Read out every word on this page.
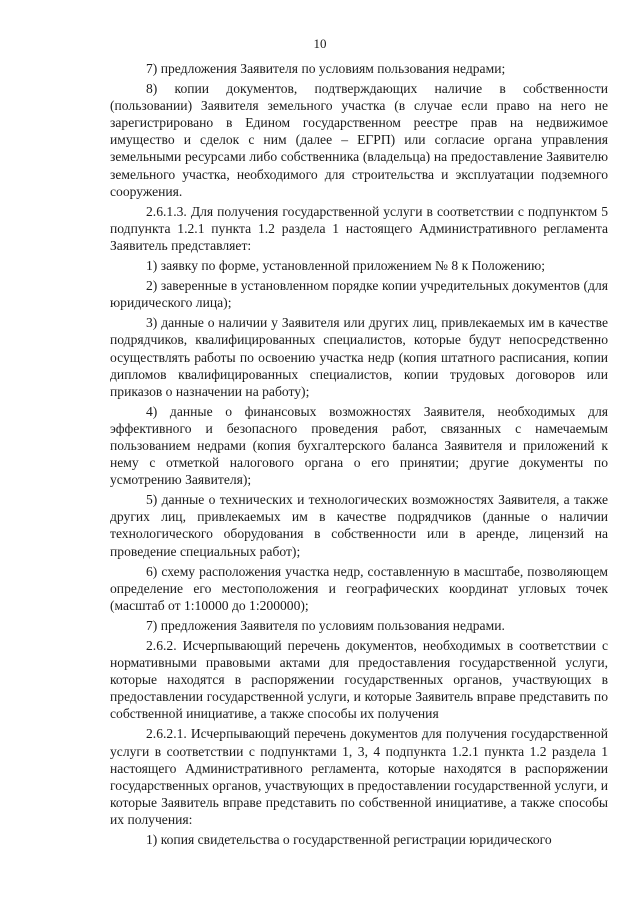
10

7) предложения Заявителя по условиям пользования недрами;

8) копии документов, подтверждающих наличие в собственности (пользовании) Заявителя земельного участка (в случае если право на него не зарегистрировано в Едином государственном реестре прав на недвижимое имущество и сделок с ним (далее – ЕГРП) или согласие органа управления земельными ресурсами либо собственника (владельца) на предоставление Заявителю земельного участка, необходимого для строительства и эксплуатации подземного сооружения.

2.6.1.3. Для получения государственной услуги в соответствии с подпунктом 5 подпункта 1.2.1 пункта 1.2 раздела 1 настоящего Административного регламента Заявитель представляет:

1) заявку по форме, установленной приложением № 8 к Положению;

2) заверенные в установленном порядке копии учредительных документов (для юридического лица);

3) данные о наличии у Заявителя или других лиц, привлекаемых им в качестве подрядчиков, квалифицированных специалистов, которые будут непосредственно осуществлять работы по освоению участка недр (копия штатного расписания, копии дипломов квалифицированных специалистов, копии трудовых договоров или приказов о назначении на работу);

4) данные о финансовых возможностях Заявителя, необходимых для эффективного и безопасного проведения работ, связанных с намечаемым пользованием недрами (копия бухгалтерского баланса Заявителя и приложений к нему с отметкой налогового органа о его принятии; другие документы по усмотрению Заявителя);

5) данные о технических и технологических возможностях Заявителя, а также других лиц, привлекаемых им в качестве подрядчиков (данные о наличии технологического оборудования в собственности или в аренде, лицензий на проведение специальных работ);

6) схему расположения участка недр, составленную в масштабе, позволяющем определение его местоположения и географических координат угловых точек (масштаб от 1:10000 до 1:200000);

7) предложения Заявителя по условиям пользования недрами.

2.6.2. Исчерпывающий перечень документов, необходимых в соответствии с нормативными правовыми актами для предоставления государственной услуги, которые находятся в распоряжении государственных органов, участвующих в предоставлении государственной услуги, и которые Заявитель вправе представить по собственной инициативе, а также способы их получения

2.6.2.1. Исчерпывающий перечень документов для получения государственной услуги в соответствии с подпунктами 1, 3, 4 подпункта 1.2.1 пункта 1.2 раздела 1 настоящего Административного регламента, которые находятся в распоряжении государственных органов, участвующих в предоставлении государственной услуги, и которые Заявитель вправе представить по собственной инициативе, а также способы их получения:

1) копия свидетельства о государственной регистрации юридического
